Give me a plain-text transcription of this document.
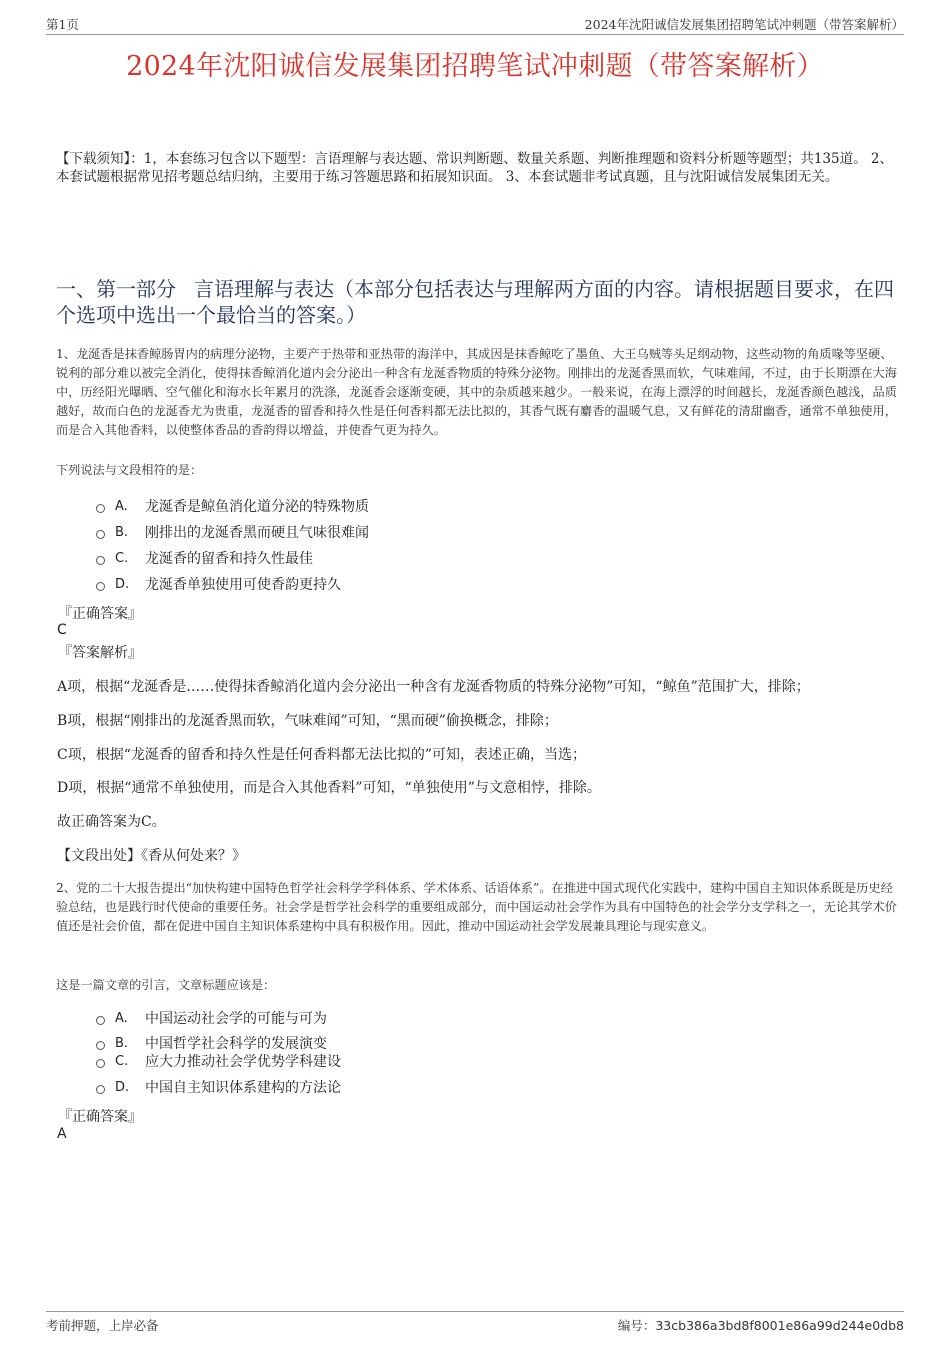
第1页	2024年沈阳诚信发展集团招聘笔试冲刺题（带答案解析）
2024年沈阳诚信发展集团招聘笔试冲刺题（带答案解析）
【下载须知】：1，本套练习包含以下题型：言语理解与表达题、常识判断题、数量关系题、判断推理题和资料分析题等题型；共135道。 2、本套试题根据常见招考题总结归纳，主要用于练习答题思路和拓展知识面。 3、本套试题非考试真题，且与沈阳诚信发展集团无关。
一、第一部分 言语理解与表达（本部分包括表达与理解两方面的内容。请根据题目要求，在四个选项中选出一个最恰当的答案。）
1、龙涎香是抹香鲸肠胃内的病理分泌物，主要产于热带和亚热带的海洋中，其成因是抹香鲸吃了墨鱼、大王乌贼等头足纲动物，这些动物的角质喙等坚硬、锐利的部分难以被完全消化，使得抹香鲸消化道内会分泌出一种含有龙涎香物质的特殊分泌物。刚排出的龙涎香黑而软，气味难闻，不过，由于长期漂在大海中，历经阳光曝晒、空气催化和海水长年累月的洗涤，龙涎香会逐渐变硬，其中的杂质越来越少。一般来说，在海上漂浮的时间越长，龙涎香颜色越浅，品质越好，故而白色的龙涎香尤为贵重，龙涎香的留香和持久性是任何香料都无法比拟的，其香气既有麝香的温暖气息，又有鲜花的清甜幽香，通常不单独使用，而是合入其他香料，以使整体香品的香韵得以增益，并使香气更为持久。
下列说法与文段相符的是：
A.	龙涎香是鲸鱼消化道分泌的特殊物质
B.	刚排出的龙涎香黑而硬且气味很难闻
C.	龙涎香的留香和持久性最佳
D.	龙涎香单独使用可使香韵更持久
『正确答案』
C
『答案解析』
A项，根据“龙涎香是……使得抹香鲸消化道内会分泌出一种含有龙涎香物质的特殊分泌物”可知，“鲸鱼”范围扩大，排除；
B项，根据“刚排出的龙涎香黑而软，气味难闻”可知，“黑而硬”偷换概念，排除；
C项，根据“龙涎香的留香和持久性是任何香料都无法比拟的”可知，表述正确，当选；
D项，根据“通常不单独使用，而是合入其他香料”可知，“单独使用”与文意相悖，排除。
故正确答案为C。
【文段出处】《香从何处来？》
2、党的二十大报告提出“加快构建中国特色哲学社会科学学科体系、学术体系、话语体系”。在推进中国式现代化实践中，建构中国自主知识体系既是历史经验总结，也是践行时代使命的重要任务。社会学是哲学社会科学的重要组成部分，而中国运动社会学作为具有中国特色的社会学分支学科之一，无论其学术价值还是社会价值，都在促进中国自主知识体系建构中具有积极作用。因此，推动中国运动社会学发展兼具理论与现实意义。
这是一篇文章的引言，文章标题应该是：
A.	中国运动社会学的可能与可为
B.	中国哲学社会科学的发展演变
C.	应大力推动社会学优势学科建设
D.	中国自主知识体系建构的方法论
『正确答案』
A
考前押题，上岸必备	编号：33cb386a3bd8f8001e86a99d244e0db8
